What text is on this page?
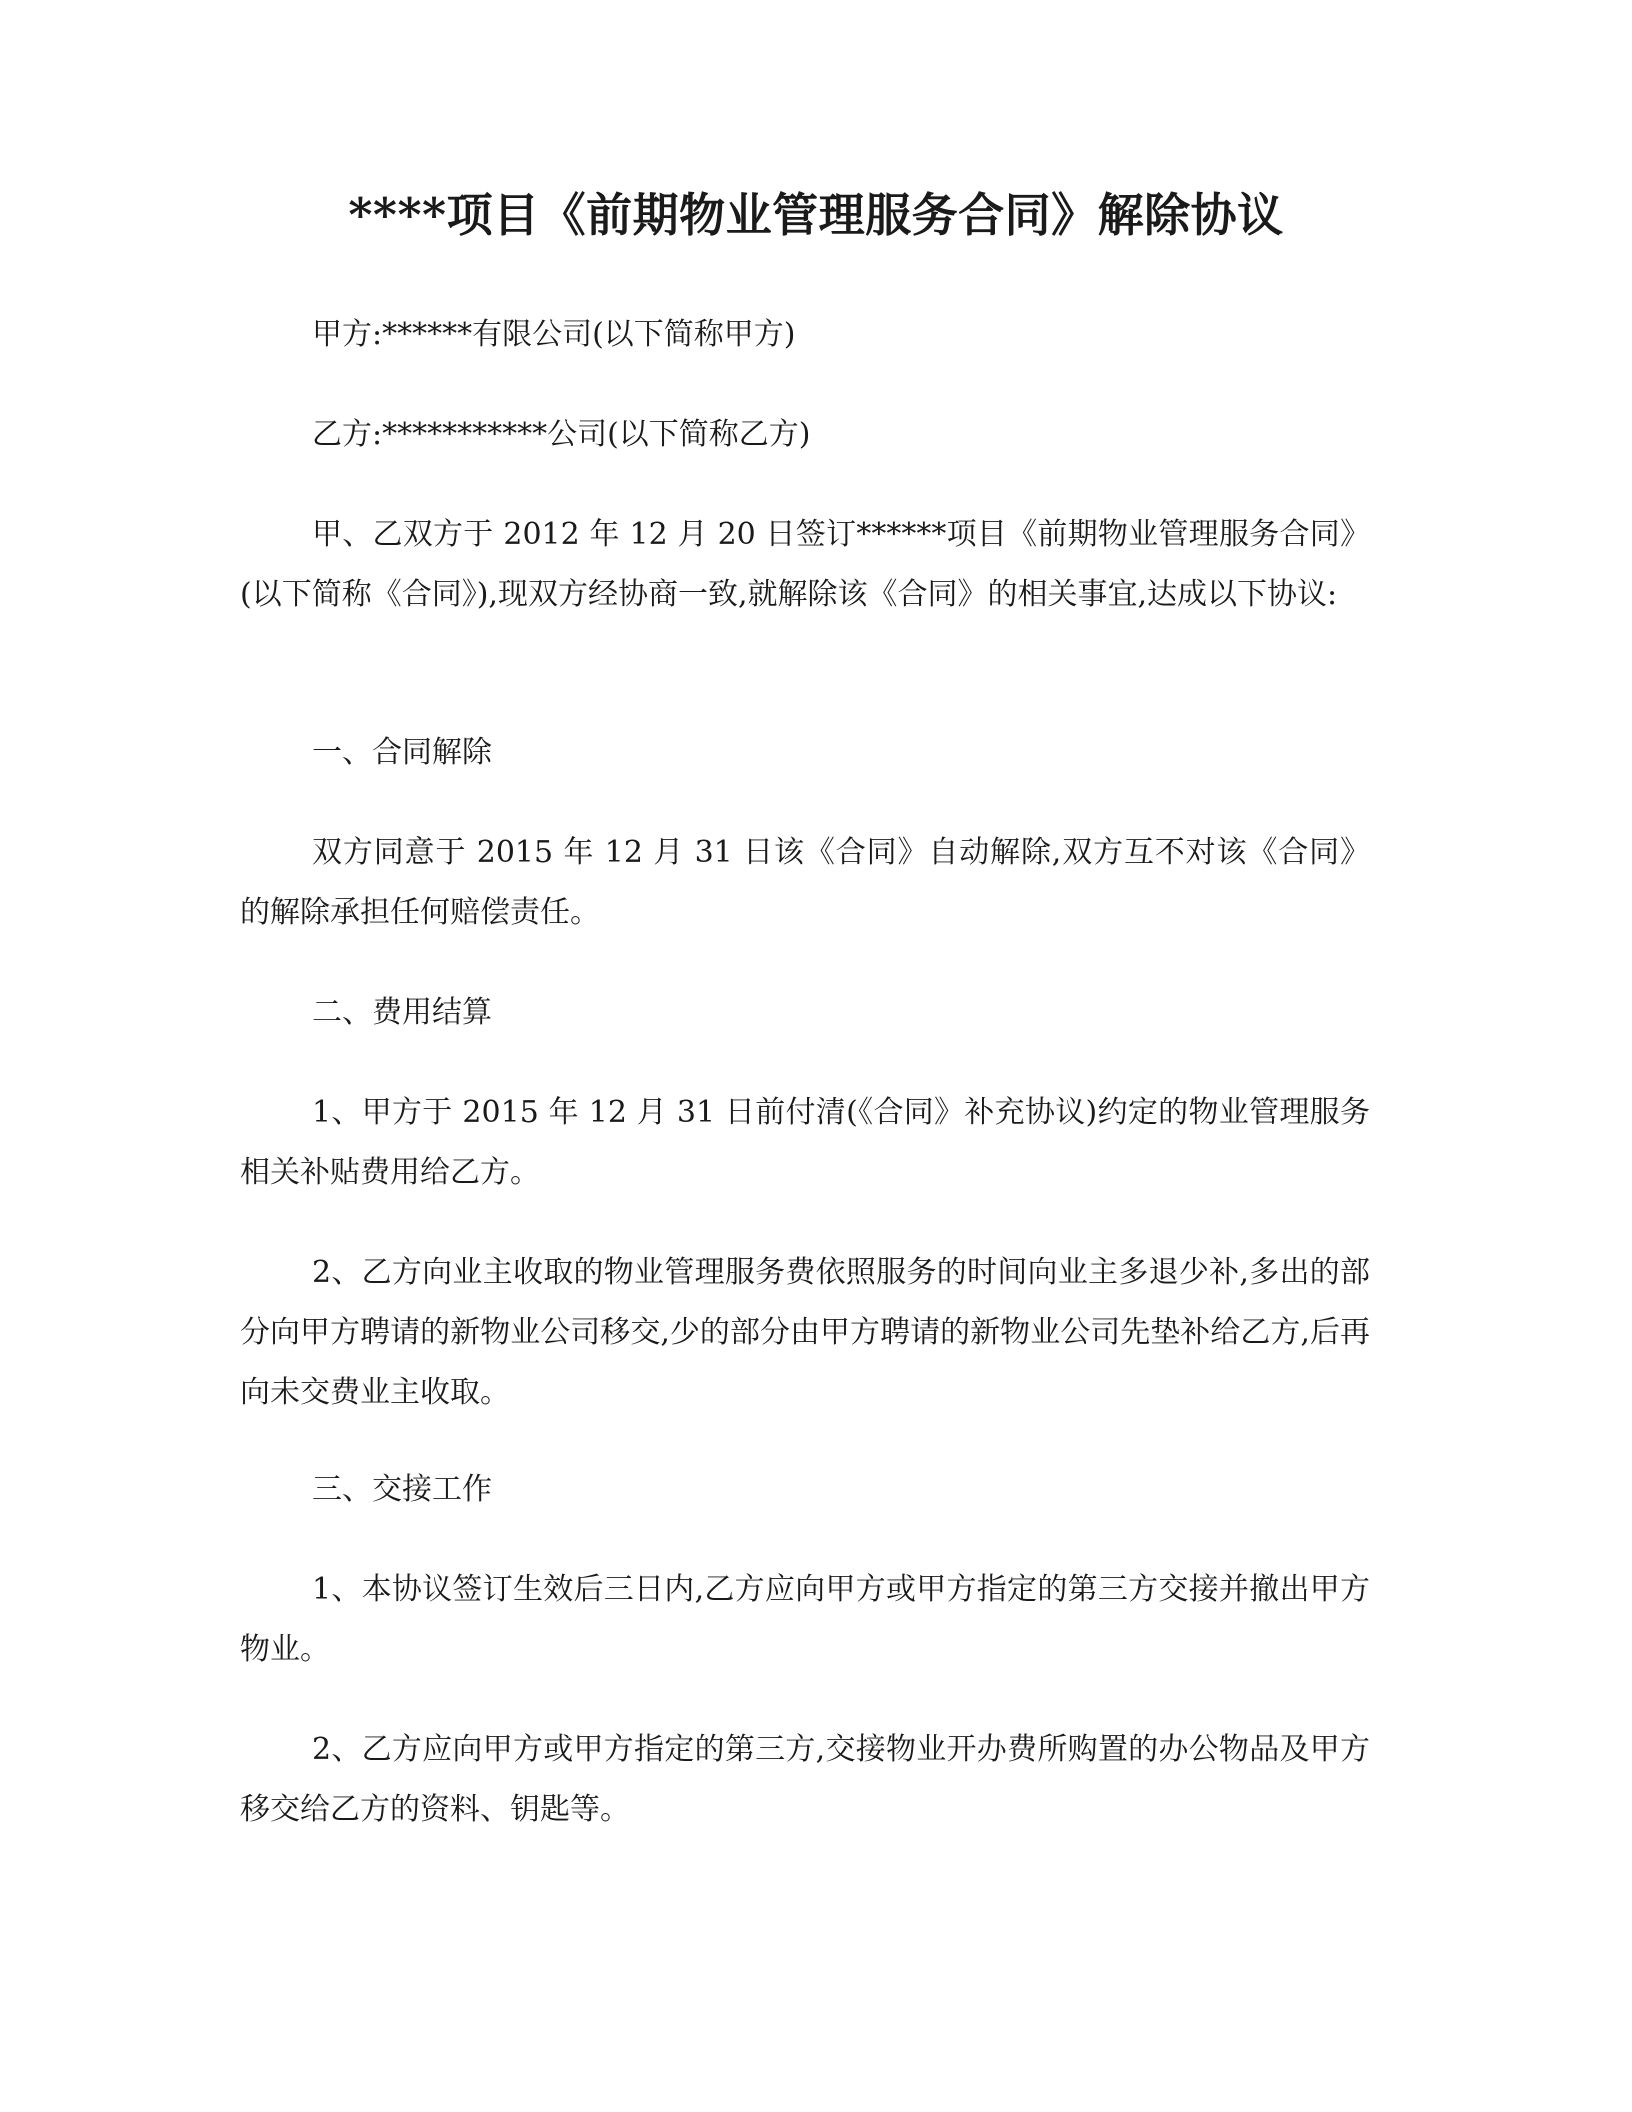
****项目《前期物业管理服务合同》解除协议

甲方:******有限公司(以下简称甲方)

乙方:***********公司(以下简称乙方)

甲、乙双方于 2012 年 12 月 20 日签订******项目《前期物业管理服务合同》(以下简称《合同》),现双方经协商一致,就解除该《合同》的相关事宜,达成以下协议:

一、合同解除

双方同意于 2015 年 12 月 31 日该《合同》自动解除,双方互不对该《合同》的解除承担任何赔偿责任。

二、费用结算

1、甲方于 2015 年 12 月 31 日前付清(《合同》补充协议)约定的物业管理服务相关补贴费用给乙方。

2、乙方向业主收取的物业管理服务费依照服务的时间向业主多退少补,多出的部分向甲方聘请的新物业公司移交,少的部分由甲方聘请的新物业公司先垫补给乙方,后再向未交费业主收取。

三、交接工作

1、本协议签订生效后三日内,乙方应向甲方或甲方指定的第三方交接并撤出甲方物业。

2、乙方应向甲方或甲方指定的第三方,交接物业开办费所购置的办公物品及甲方移交给乙方的资料、钥匙等。
